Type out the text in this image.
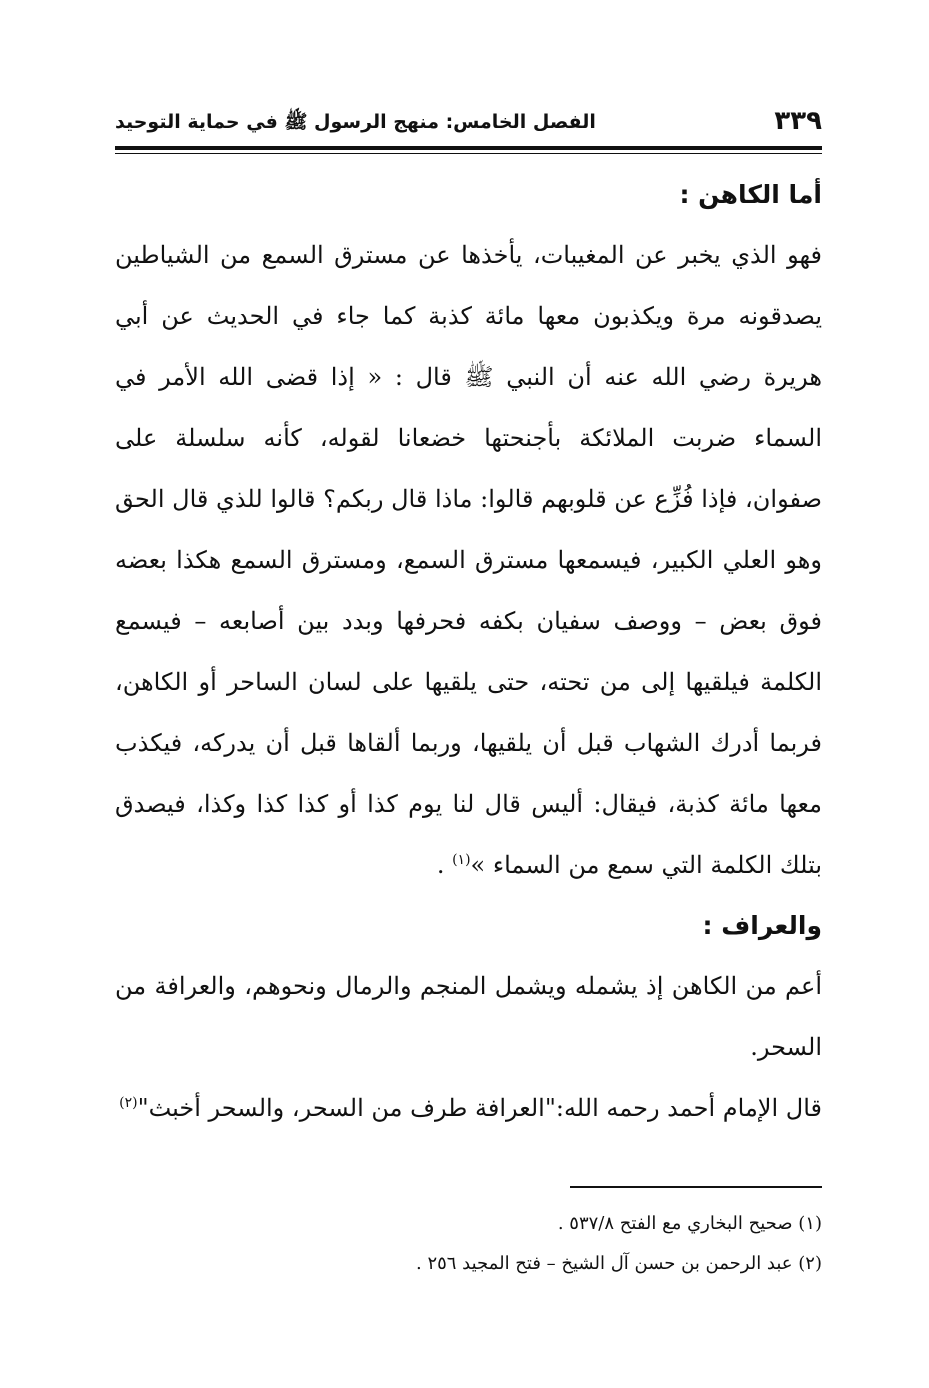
٣٣٩
الفصل الخامس: منهج الرسول ﷺ في حماية التوحيد

أما الكاهن :

فهو الذي يخبر عن المغيبات، يأخذها عن مسترق السمع من الشياطين يصدقونه مرة ويكذبون معها مائة كذبة كما جاء في الحديث عن أبي هريرة رضي الله عنه أن النبي ﷺ قال : « إذا قضى الله الأمر في السماء ضربت الملائكة بأجنحتها خضعانا لقوله، كأنه سلسلة على صفوان، فإذا فُزِّع عن قلوبهم قالوا: ماذا قال ربكم؟ قالوا للذي قال الحق وهو العلي الكبير، فيسمعها مسترق السمع، ومسترق السمع هكذا بعضه فوق بعض – ووصف سفيان بكفه فحرفها وبدد بين أصابعه – فيسمع الكلمة فيلقيها إلى من تحته، حتى يلقيها على لسان الساحر أو الكاهن، فربما أدرك الشهاب قبل أن يلقيها، وربما ألقاها قبل أن يدركه، فيكذب معها مائة كذبة، فيقال: أليس قال لنا يوم كذا أو كذا كذا وكذا، فيصدق بتلك الكلمة التي سمع من السماء »$^{(١)}$ .

والعراف :

أعم من الكاهن إذ يشمله ويشمل المنجم والرمال ونحوهم، والعرافة من السحر.

قال الإمام أحمد رحمه الله:"العرافة طرف من السحر، والسحر أخبث"$^{(٢)}$

(١) صحيح البخاري مع الفتح ٥٣٧/٨ .
(٢) عبد الرحمن بن حسن آل الشيخ – فتح المجيد ٢٥٦ .
